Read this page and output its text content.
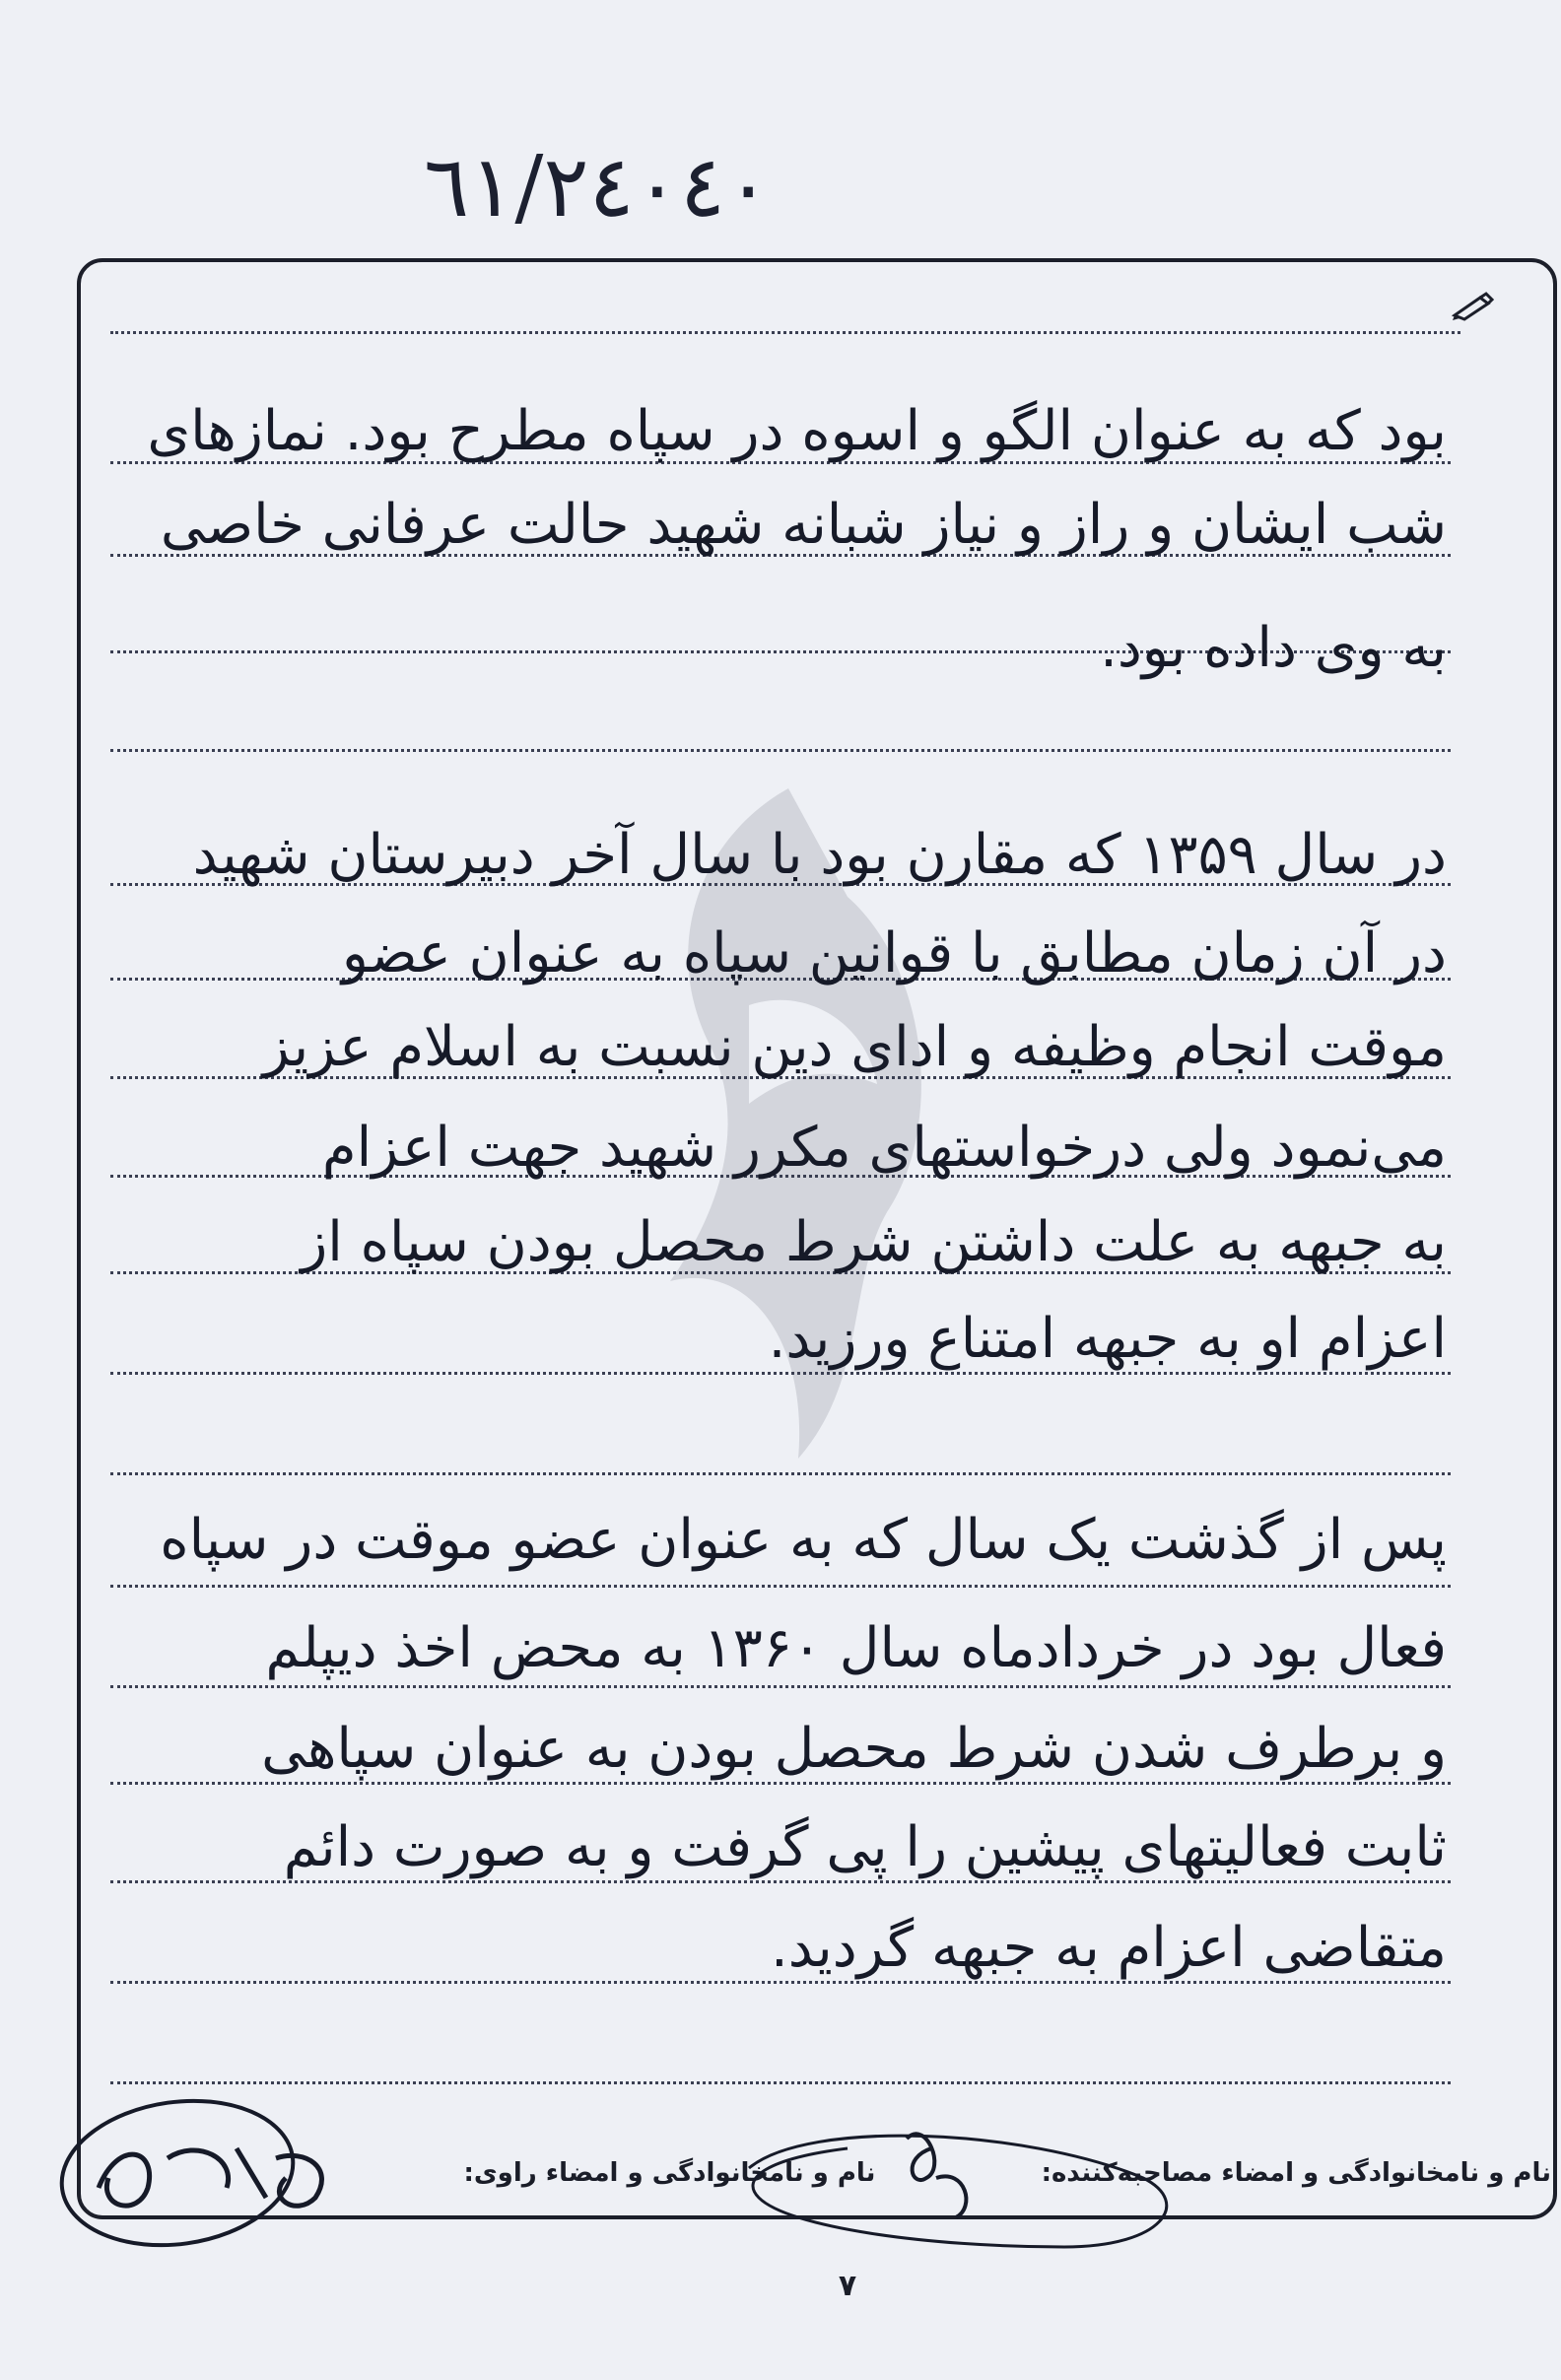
٦١/٢٤٠٤٠
بود که به عنوان الگو و اسوه در سپاه مطرح بود. نمازهای
شب ایشان و راز و نیاز شبانه شهید حالت عرفانی خاصی
به وی داده بود.
در سال ۱۳۵۹ که مقارن بود با سال آخر دبیرستان شهید
در آن زمان مطابق با قوانین سپاه به عنوان عضو
موقت انجام وظیفه و ادای دین نسبت به اسلام عزیز
می‌نمود ولی درخواستهای مکرر شهید جهت اعزام
به جبهه به علت داشتن شرط محصل بودن سپاه از
اعزام او به جبهه امتناع ورزید.
پس از گذشت یک سال که به عنوان عضو موقت در سپاه
فعال بود در خردادماه سال ۱۳۶۰ به محض اخذ دیپلم
و برطرف شدن شرط محصل بودن به عنوان سپاهی
ثابت فعالیتهای پیشین را پی گرفت و به صورت دائم
متقاضی اعزام به جبهه گردید.
نام و نامخانوادگی و امضاء مصاحبه‌کننده:  نام و نامخانوادگی و امضاء راوی:
٧
